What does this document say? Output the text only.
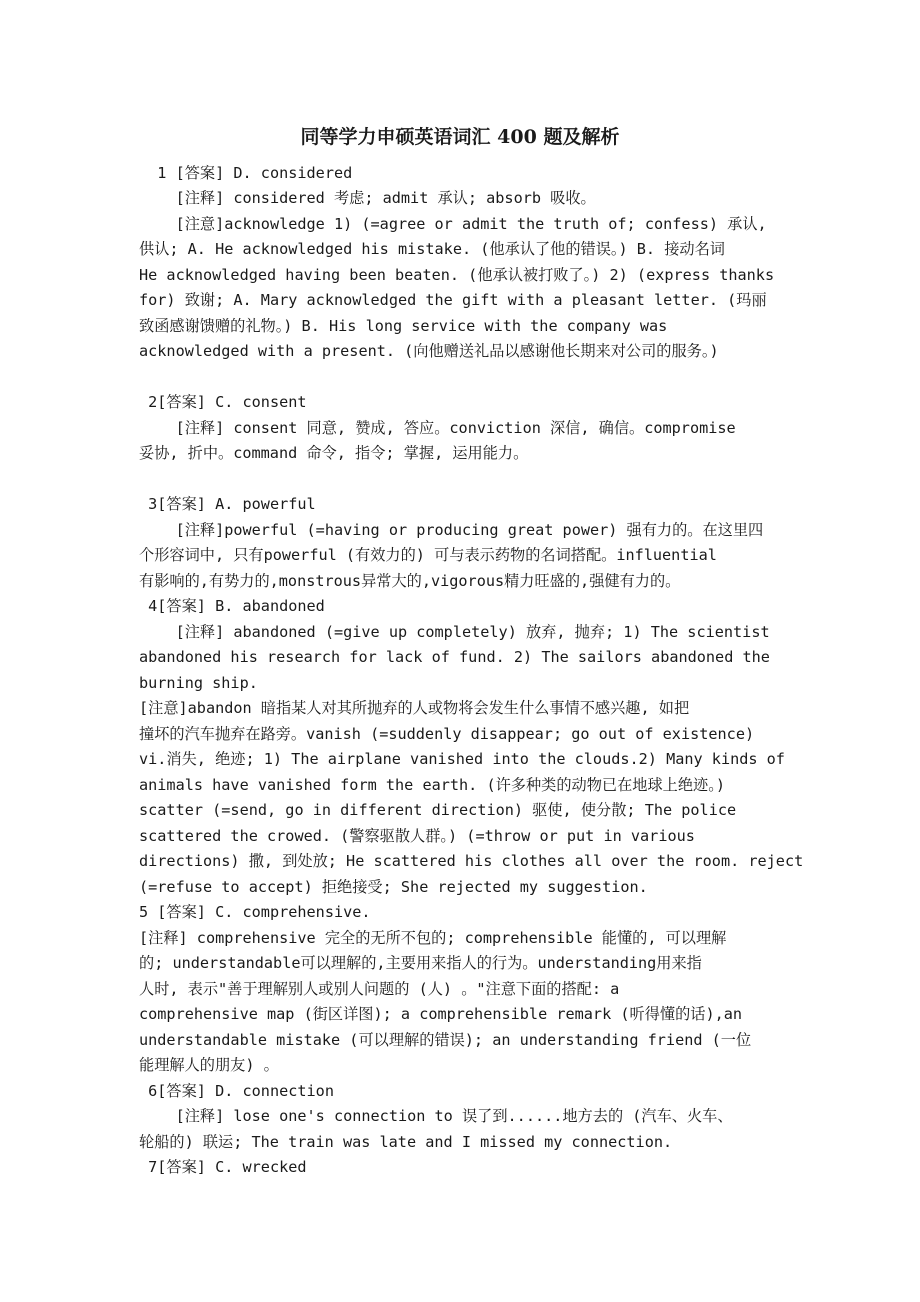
同等学力申硕英语词汇 400 题及解析
1 [答案] D. considered
[注释] considered 考虑; admit 承认; absorb 吸收。
[注意]acknowledge 1) (=agree or admit the truth of; confess) 承认,
供认; A. He acknowledged his mistake. (他承认了他的错误。) B. 接动名词
He acknowledged having been beaten. (他承认被打败了。) 2) (express thanks
for) 致谢; A. Mary acknowledged the gift with a pleasant letter. (玛丽
致函感谢馈赠的礼物。) B. His long service with the company was
acknowledged with a present. (向他赠送礼品以感谢他长期来对公司的服务。)
2[答案] C. consent
[注释] consent 同意, 赞成, 答应。conviction 深信, 确信。compromise
妥协, 折中。command 命令, 指令; 掌握, 运用能力。
3[答案] A. powerful
[注释]powerful (=having or producing great power) 强有力的。在这里四
个形容词中, 只有powerful (有效力的) 可与表示药物的名词搭配。influential
有影响的,有势力的,monstrous异常大的,vigorous精力旺盛的,强健有力的。
4[答案] B. abandoned
[注释] abandoned (=give up completely) 放弃, 抛弃; 1) The scientist
abandoned his research for lack of fund. 2) The sailors abandoned the
burning ship.
[注意]abandon 暗指某人对其所抛弃的人或物将会发生什么事情不感兴趣, 如把
撞坏的汽车抛弃在路旁。vanish (=suddenly disappear; go out of existence)
vi.消失, 绝迹; 1) The airplane vanished into the clouds.2) Many kinds of
animals have vanished form the earth. (许多种类的动物已在地球上绝迹。)
scatter (=send, go in different direction) 驱使, 使分散; The police
scattered the crowed. (警察驱散人群。) (=throw or put in various
directions) 撒, 到处放; He scattered his clothes all over the room. reject
(=refuse to accept) 拒绝接受; She rejected my suggestion.
5 [答案] C. comprehensive.
[注释] comprehensive 完全的无所不包的; comprehensible 能懂的, 可以理解
的; understandable可以理解的,主要用来指人的行为。understanding用来指
人时, 表示"善于理解别人或别人问题的 (人) 。"注意下面的搭配: a
comprehensive map (街区详图); a comprehensible remark (听得懂的话),an
understandable mistake (可以理解的错误); an understanding friend (一位
能理解人的朋友) 。
6[答案] D. connection
[注释] lose one's connection to 误了到......地方去的 (汽车、火车、
轮船的) 联运; The train was late and I missed my connection.
7[答案] C. wrecked
